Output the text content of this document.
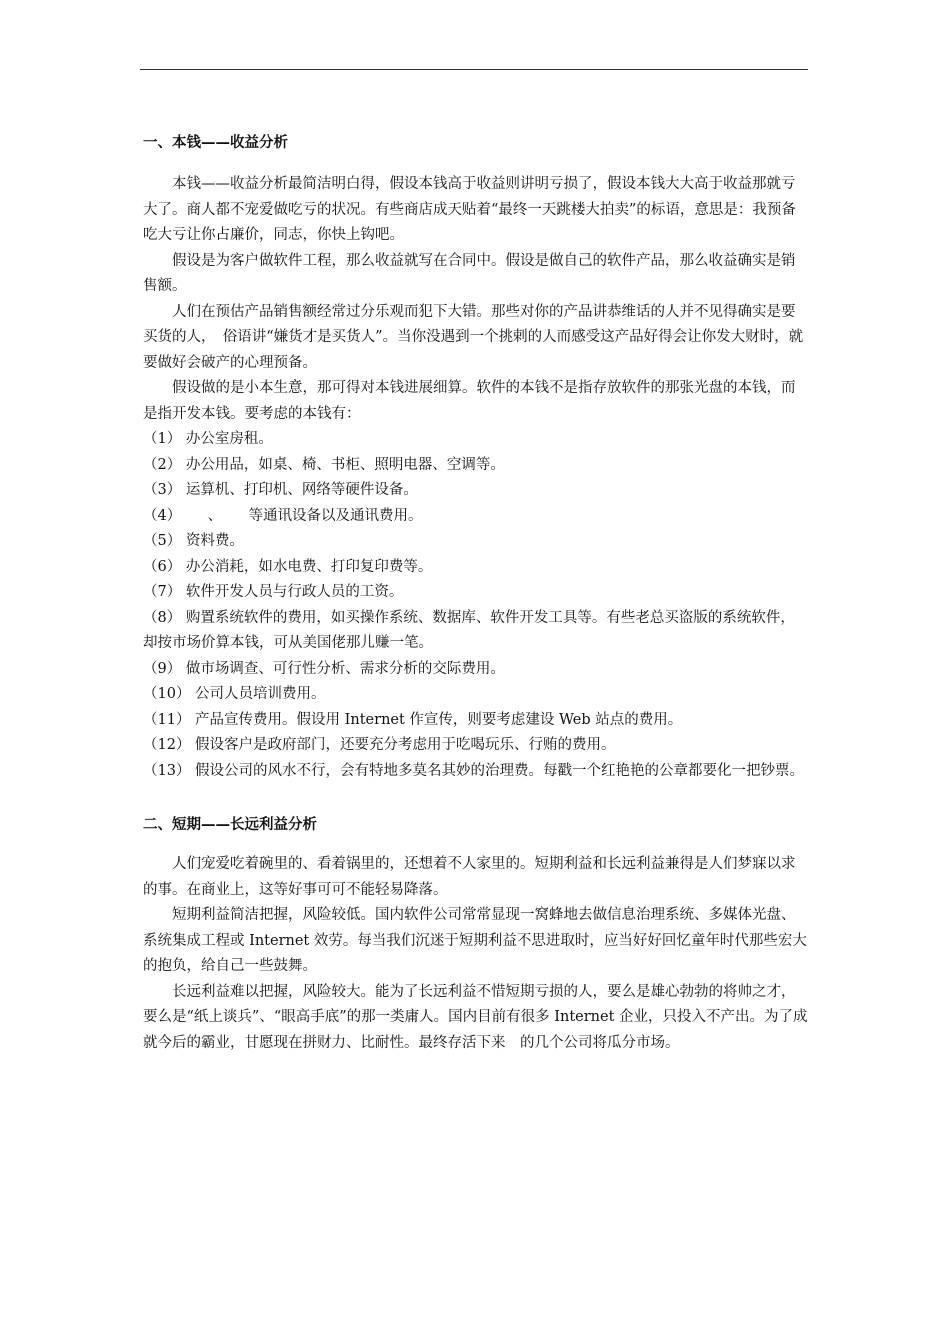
一、本钱——收益分析

本钱——收益分析最简洁明白得，假设本钱高于收益则讲明亏损了，假设本钱大大高于收益那就亏大了。商人都不宠爱做吃亏的状况。有些商店成天贴着“最终一天跳楼大拍卖”的标语，意思是：我预备吃大亏让你占廉价，同志，你快上钩吧。

假设是为客户做软件工程，那么收益就写在合同中。假设是做自己的软件产品，那么收益确实是销售额。

人们在预估产品销售额经常过分乐观而犯下大错。那些对你的产品讲恭维话的人并不见得确实是要买货的人，　俗语讲“嫌货才是买货人”。当你没遇到一个挑剌的人而感受这产品好得会让你发大财时，就要做好会破产的心理预备。

假设做的是小本生意，那可得对本钱进展细算。软件的本钱不是指存放软件的那张光盘的本钱，而是指开发本钱。要考虑的本钱有：

（1） 办公室房租。

（2） 办公用品，如桌、椅、书柜、照明电器、空调等。

（3） 运算机、打印机、网络等硬件设备。

（4）　 　、　 　等通讯设备以及通讯费用。

（5） 资料费。

（6） 办公消耗，如水电费、打印复印费等。

（7） 软件开发人员与行政人员的工资。

（8） 购置系统软件的费用，如买操作系统、数据库、软件开发工具等。有些老总买盗版的系统软件，却按市场价算本钱，可从美国佬那儿赚一笔。

（9） 做市场调查、可行性分析、需求分析的交际费用。

（10） 公司人员培训费用。

（11） 产品宣传费用。假设用 Internet 作宣传，则要考虑建设 Web 站点的费用。

（12） 假设客户是政府部门，还要充分考虑用于吃喝玩乐、行贿的费用。

（13） 假设公司的风水不行，会有特地多莫名其妙的治理费。每戳一个红艳艳的公章都要化一把钞票。

二、短期——长远利益分析

人们宠爱吃着碗里的、看着锅里的，还想着不人家里的。短期利益和长远利益兼得是人们梦寐以求的事。在商业上，这等好事可可不能轻易降落。

短期利益简洁把握，风险较低。国内软件公司常常显现一窝蜂地去做信息治理系统、多媒体光盘、系统集成工程或 Internet 效劳。每当我们沉迷于短期利益不思进取时，应当好好回忆童年时代那些宏大的抱负，给自己一些鼓舞。

长远利益难以把握，风险较大。能为了长远利益不惜短期亏损的人，要么是雄心勃勃的将帅之才，要么是“纸上谈兵”、“眼高手底”的那一类庸人。国内目前有很多 Internet 企业，只投入不产出。为了成就今后的霸业，甘愿现在拼财力、比耐性。最终存活下来　的几个公司将瓜分市场。
